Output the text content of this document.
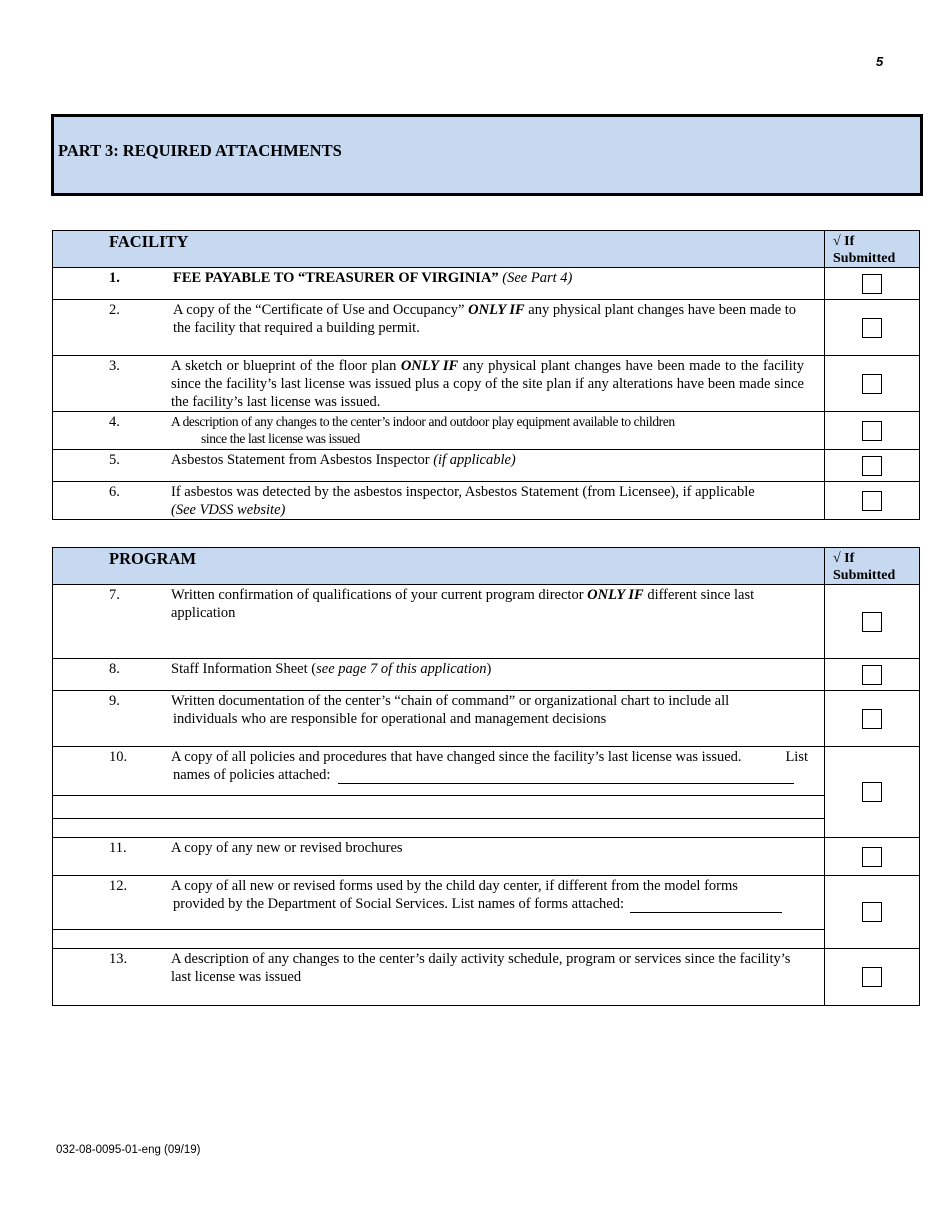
5
PART 3: REQUIRED ATTACHMENTS
FACILITY	√ If Submitted

1. FEE PAYABLE TO “TREASURER OF VIRGINIA” (See Part 4)	

2. A copy of the “Certificate of Use and Occupancy” ONLY IF any physical plant changes have been made to the facility that required a building permit.	

3. A sketch or blueprint of the floor plan ONLY IF any physical plant changes have been made to the facility since the facility’s last license was issued plus a copy of the site plan if any alterations have been made since the facility’s last license was issued.	

4. A description of any changes to the center’s indoor and outdoor play equipment available to children
since the last license was issued	

5. Asbestos Statement from Asbestos Inspector (if applicable)	

6. If asbestos was detected by the asbestos inspector, Asbestos Statement (from Licensee), if applicable
(See VDSS website)	

PROGRAM	√ If Submitted

7. Written confirmation of qualifications of your current program director ONLY IF different since last application	

8. Staff Information Sheet (see page 7 of this application)	

9. Written documentation of the center’s “chain of command” or organizational chart to include all
individuals who are responsible for operational and management decisions	

10. A copy of all policies and procedures that have changed since the facility’s last license was issued. List
names of policies attached:	

11. A copy of any new or revised brochures	

12. A copy of all new or revised forms used by the child day center, if different from the model forms
provided by the Department of Social Services. List names of forms attached:	

13. A description of any changes to the center’s daily activity schedule, program or services since the facility’s last license was issued	

032-08-0095-01-eng (09/19)
